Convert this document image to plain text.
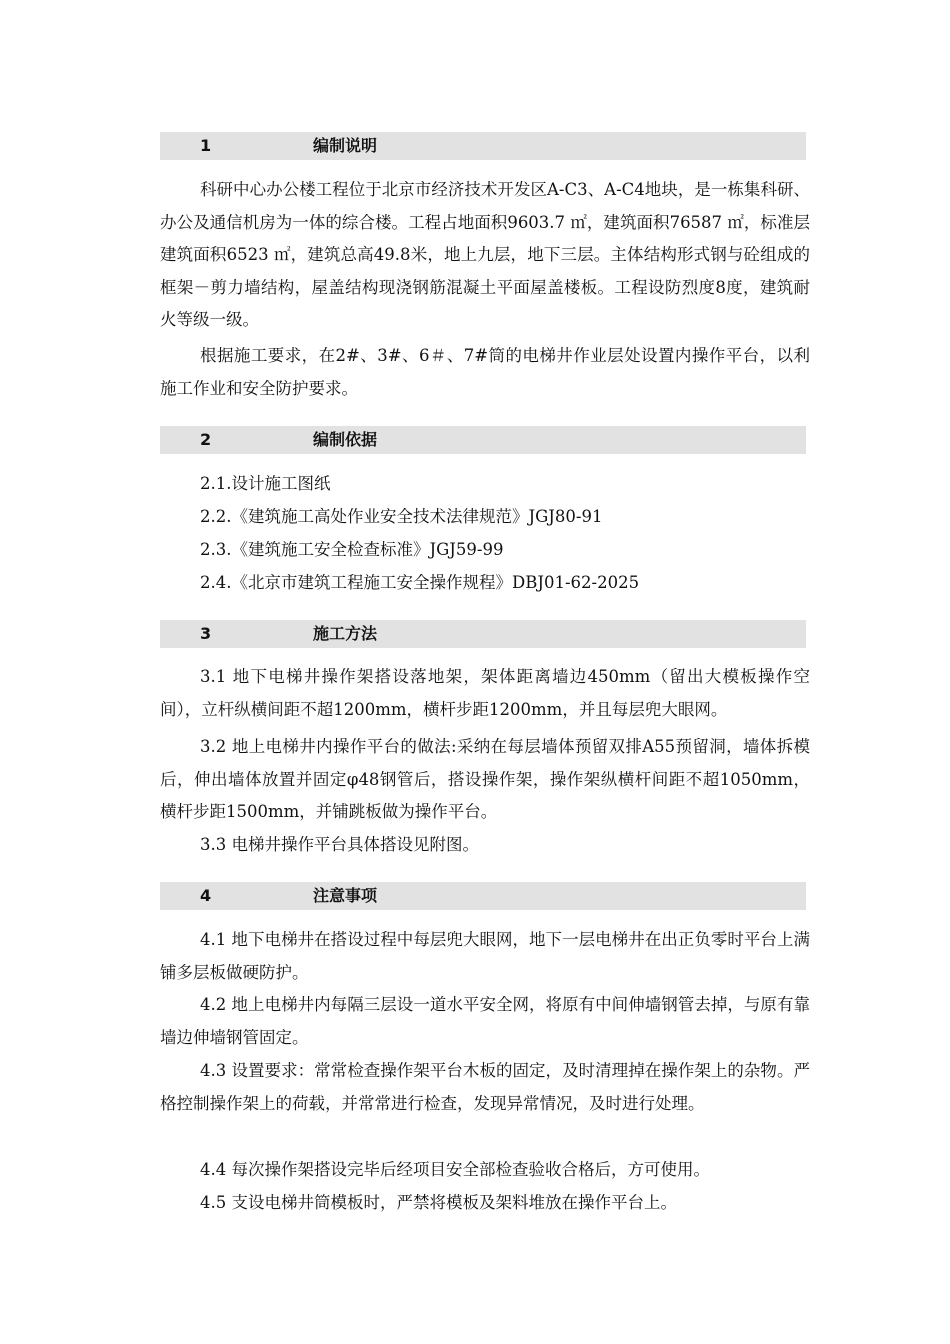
1	编制说明

科研中心办公楼工程位于北京市经济技术开发区A-C3、A-C4地块，是一栋集科研、办公及通信机房为一体的综合楼。工程占地面积9603.7 ㎡，建筑面积76587 ㎡，标准层建筑面积6523 ㎡，建筑总高49.8米，地上九层，地下三层。主体结构形式钢与砼组成的框架－剪力墙结构，屋盖结构现浇钢筋混凝土平面屋盖楼板。工程设防烈度8度，建筑耐火等级一级。

根据施工要求，在2#、3#、6＃、7#筒的电梯井作业层处设置内操作平台，以利施工作业和安全防护要求。

2	编制依据
2.1.设计施工图纸
2.2.《建筑施工高处作业安全技术法律规范》JGJ80-91
2.3.《建筑施工安全检查标准》JGJ59-99
2.4.《北京市建筑工程施工安全操作规程》DBJ01-62-2025
3	施工方法

3.1 地下电梯井操作架搭设落地架，架体距离墙边450mm（留出大模板操作空间），立杆纵横间距不超1200mm，横杆步距1200mm，并且每层兜大眼网。

3.2 地上电梯井内操作平台的做法:采纳在每层墙体预留双排A55预留洞，墙体拆模后，伸出墙体放置并固定φ48钢管后，搭设操作架，操作架纵横杆间距不超1050mm，横杆步距1500mm，并铺跳板做为操作平台。

3.3 电梯井操作平台具体搭设见附图。

4	注意事项

4.1 地下电梯井在搭设过程中每层兜大眼网，地下一层电梯井在出正负零时平台上满铺多层板做硬防护。

4.2 地上电梯井内每隔三层设一道水平安全网，将原有中间伸墙钢管去掉，与原有靠墙边伸墙钢管固定。

4.3 设置要求：常常检查操作架平台木板的固定，及时清理掉在操作架上的杂物。严格控制操作架上的荷载，并常常进行检查，发现异常情况，及时进行处理。

4.4 每次操作架搭设完毕后经项目安全部检查验收合格后，方可使用。

4.5 支设电梯井筒模板时，严禁将模板及架料堆放在操作平台上。
